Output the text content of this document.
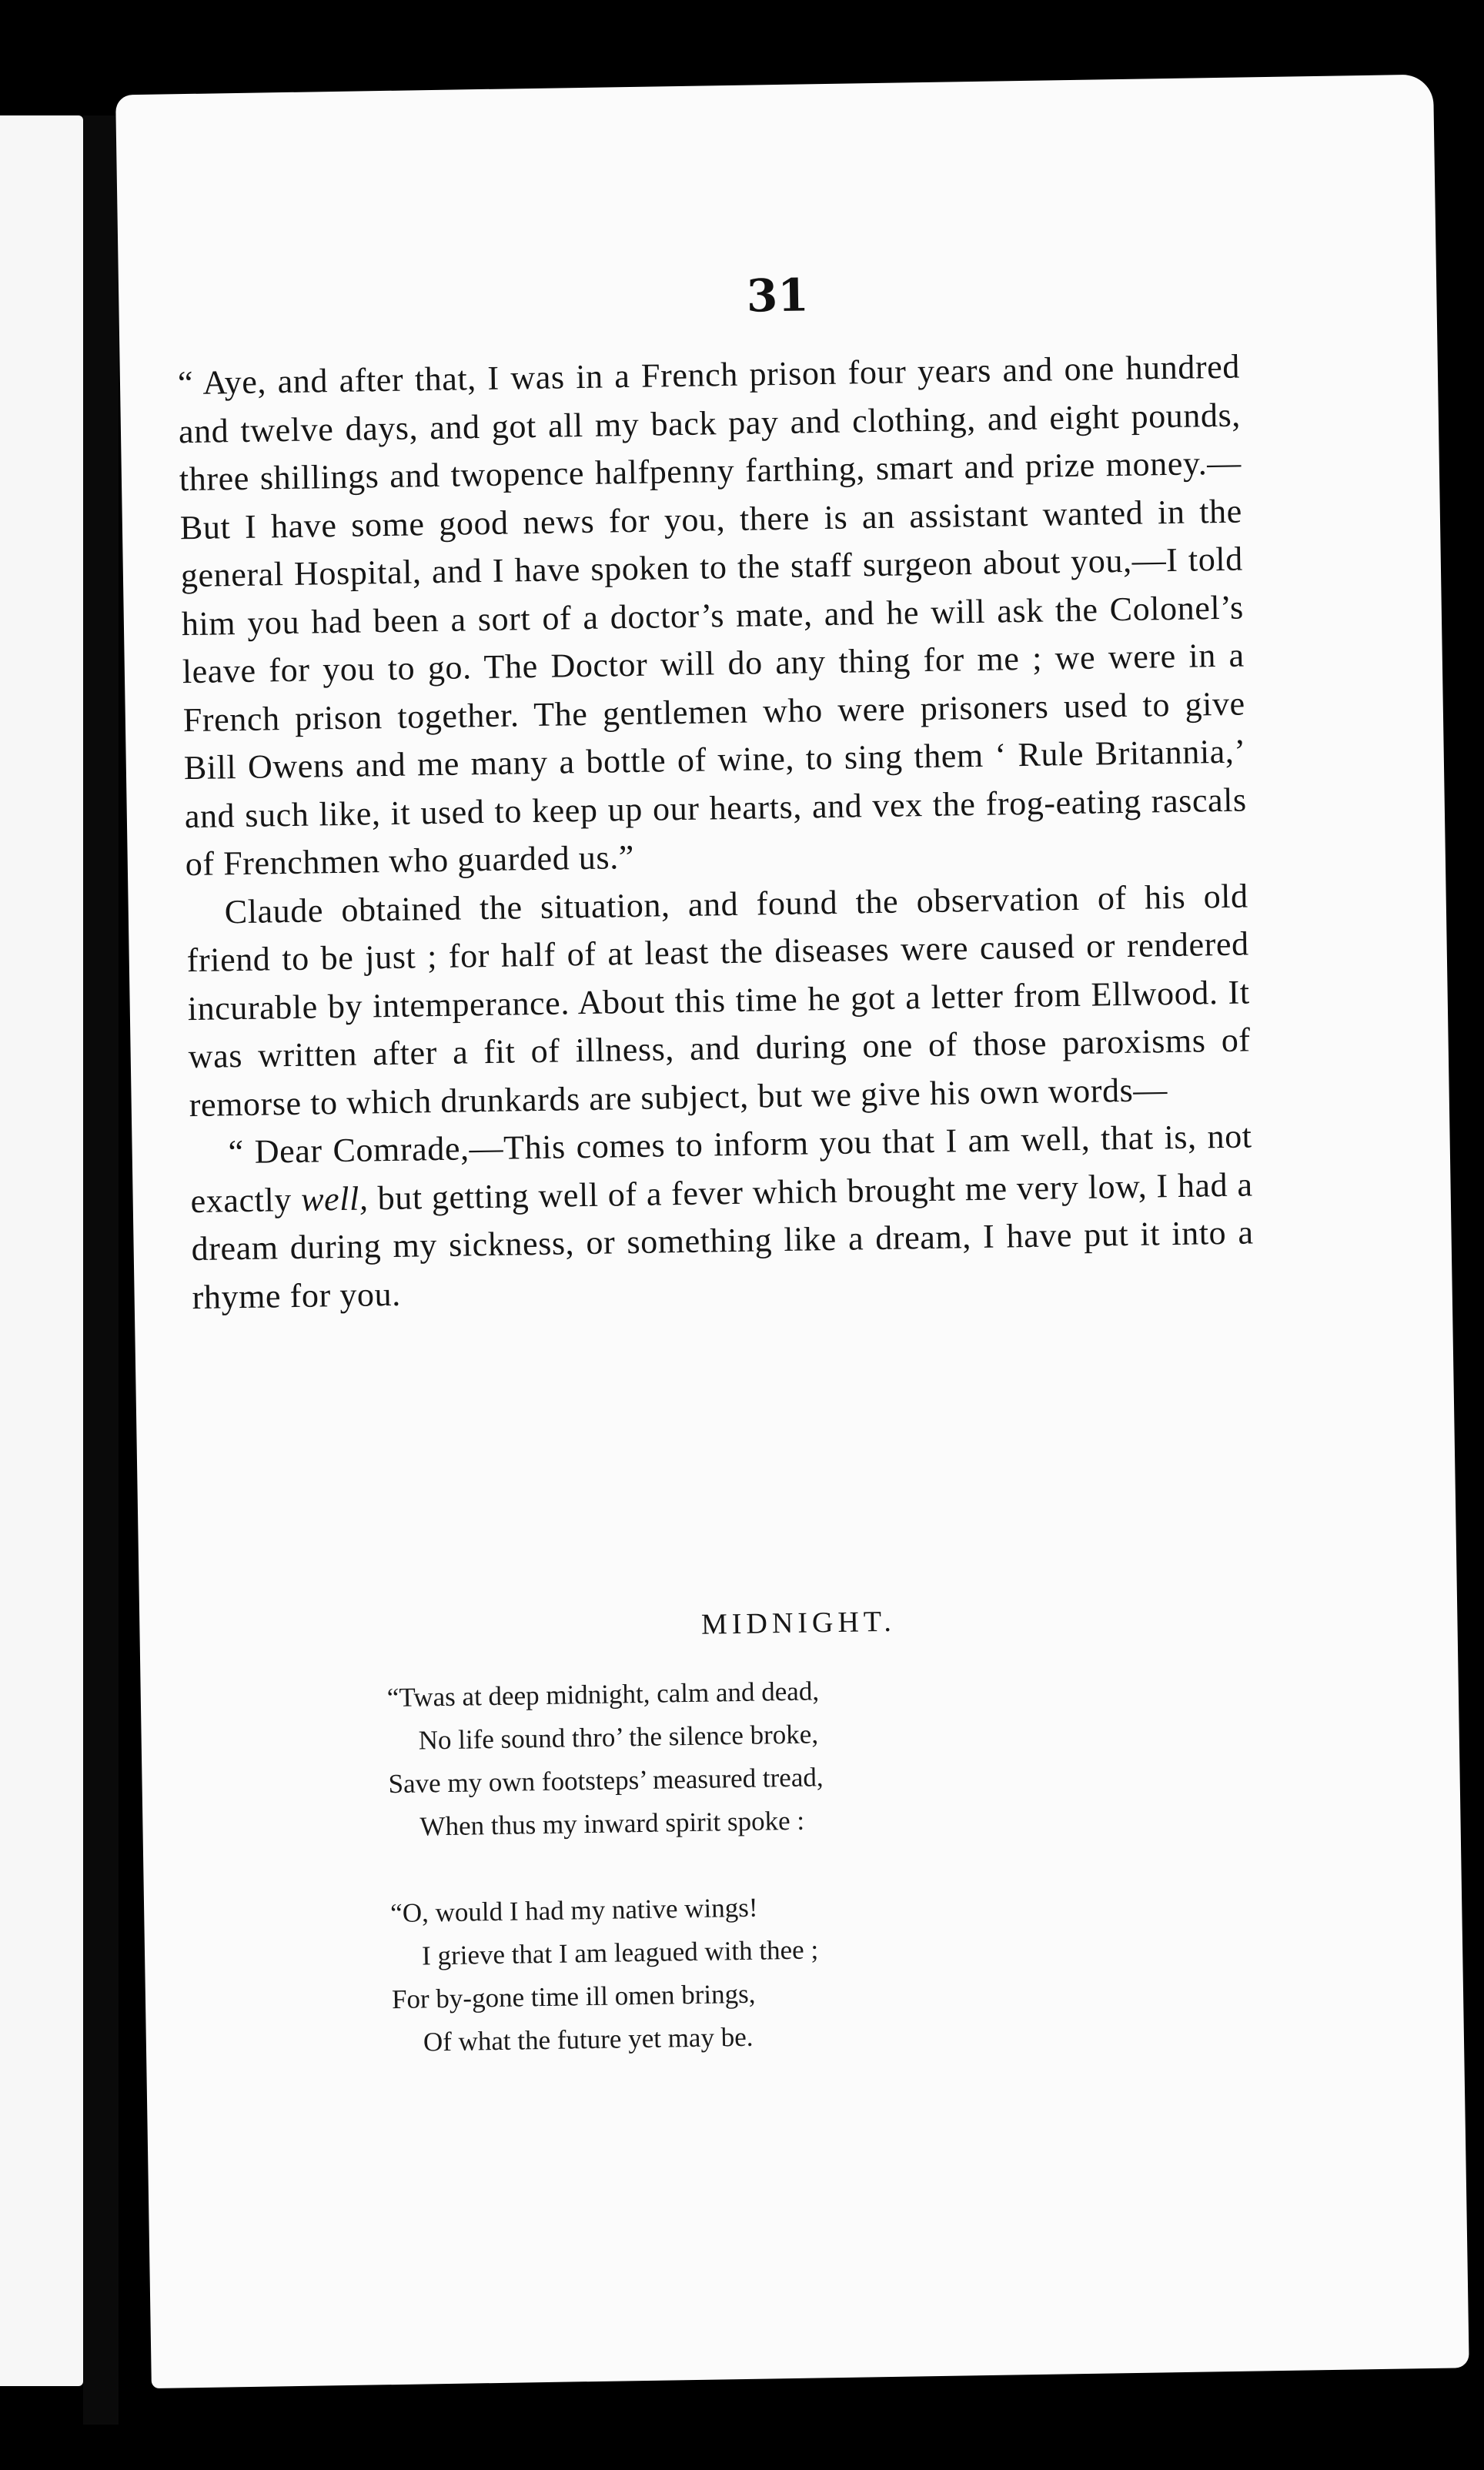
31

“ Aye, and after that, I was in a French prison four years and one hundred and twelve days, and got all my back pay and clothing, and eight pounds, three shillings and twopence halfpenny farthing, smart and prize money.— But I have some good news for you, there is an assistant wanted in the general Hospital, and I have spoken to the staff surgeon about you,—I told him you had been a sort of a doctor’s mate, and he will ask the Colonel’s leave for you to go. The Doctor will do any thing for me ; we were in a French prison together. The gentlemen who were prisoners used to give Bill Owens and me many a bottle of wine, to sing them ‘ Rule Britannia,’ and such like, it used to keep up our hearts, and vex the frog-eating rascals of Frenchmen who guarded us.”

Claude obtained the situation, and found the observation of his old friend to be just ; for half of at least the diseases were caused or rendered incurable by intemperance. About this time he got a letter from Ellwood. It was written after a fit of illness, and during one of those paroxisms of remorse to which drunkards are subject, but we give his own words—

“ Dear Comrade,—This comes to inform you that I am well, that is, not exactly well, but getting well of a fever which brought me very low, I had a dream during my sickness, or something like a dream, I have put it into a rhyme for you.

MIDNIGHT.
“Twas at deep midnight, calm and dead,
No life sound thro’ the silence broke,
Save my own footsteps’ measured tread,
When thus my inward spirit spoke :
“O, would I had my native wings!
I grieve that I am leagued with thee ;
For by-gone time ill omen brings,
Of what the future yet may be.
